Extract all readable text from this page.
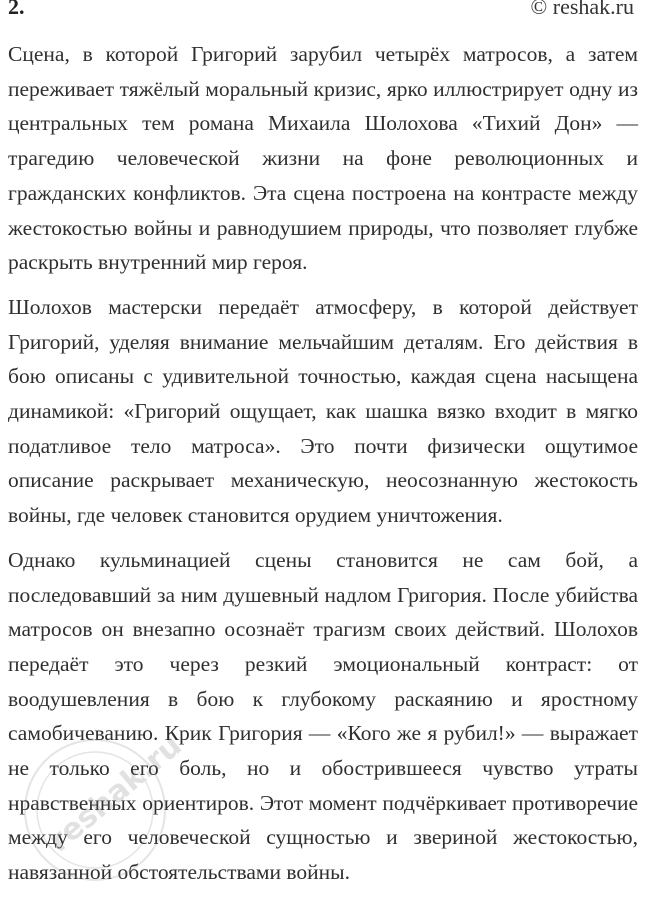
2.	© reshak.ru

Сцена, в которой Григорий зарубил четырёх матросов, а затем переживает тяжёлый моральный кризис, ярко иллюстрирует одну из центральных тем романа Михаила Шолохова «Тихий Дон» — трагедию человеческой жизни на фоне революционных и гражданских конфликтов. Эта сцена построена на контрасте между жестокостью войны и равнодушием природы, что позволяет глубже раскрыть внутренний мир героя.

Шолохов мастерски передаёт атмосферу, в которой действует Григорий, уделяя внимание мельчайшим деталям. Его действия в бою описаны с удивительной точностью, каждая сцена насыщена динамикой: «Григорий ощущает, как шашка вязко входит в мягко податливое тело матроса». Это почти физически ощутимое описание раскрывает механическую, неосознанную жестокость войны, где человек становится орудием уничтожения.

Однако кульминацией сцены становится не сам бой, а последовавший за ним душевный надлом Григория. После убийства матросов он внезапно осознаёт трагизм своих действий. Шолохов передаёт это через резкий эмоциональный контраст: от воодушевления в бою к глубокому раскаянию и яростному самобичеванию. Крик Григория — «Кого же я рубил!» — выражает не только его боль, но и обострившееся чувство утраты нравственных ориентиров. Этот момент подчёркивает противоречие между его человеческой сущностью и звериной жестокостью, навязанной обстоятельствами войны.

reshak.ru
